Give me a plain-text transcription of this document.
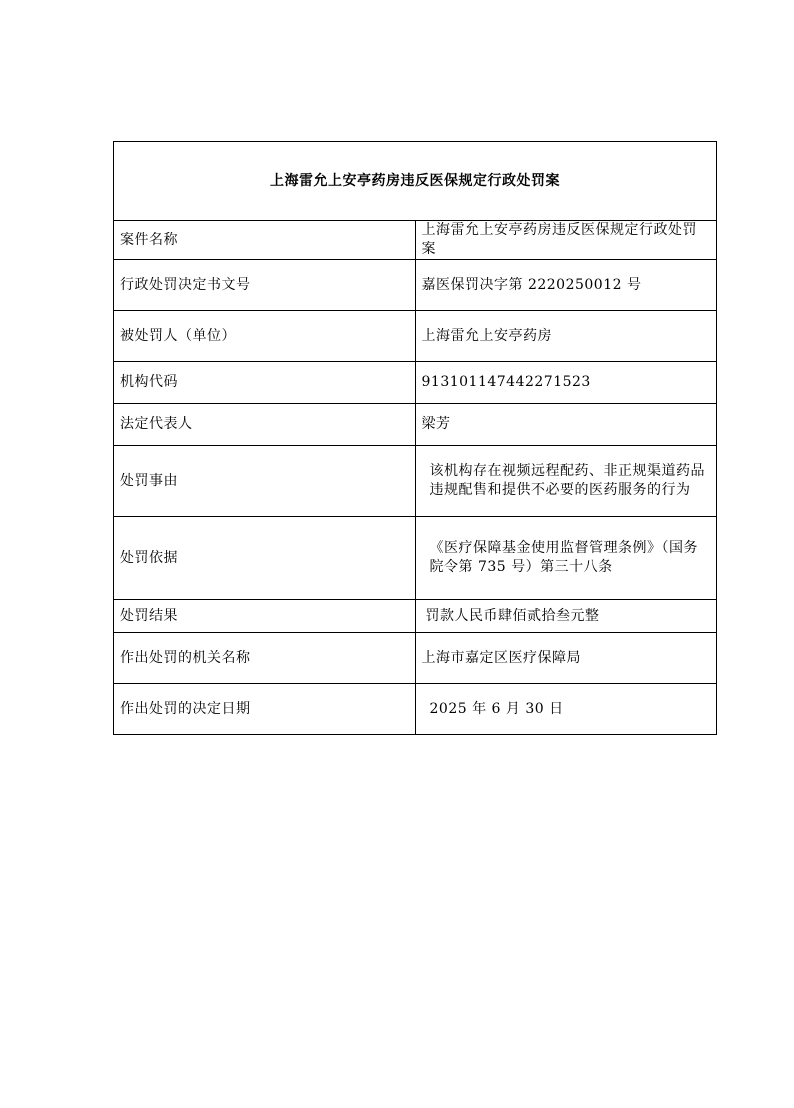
上海雷允上安亭药房违反医保规定行政处罚案	
案件名称	上海雷允上安亭药房违反医保规定行政处罚案
行政处罚决定书文号	嘉医保罚决字第 2220250012 号
被处罚人（单位）	上海雷允上安亭药房
机构代码	913101147442271523
法定代表人	梁芳
处罚事由	该机构存在视频远程配药、非正规渠道药品违规配售和提供不必要的医药服务的行为
处罚依据	《医疗保障基金使用监督管理条例》（国务院令第 735 号）第三十八条
处罚结果	罚款人民币肆佰贰拾叁元整
作出处罚的机关名称	上海市嘉定区医疗保障局
作出处罚的决定日期	2025 年 6 月 30 日
